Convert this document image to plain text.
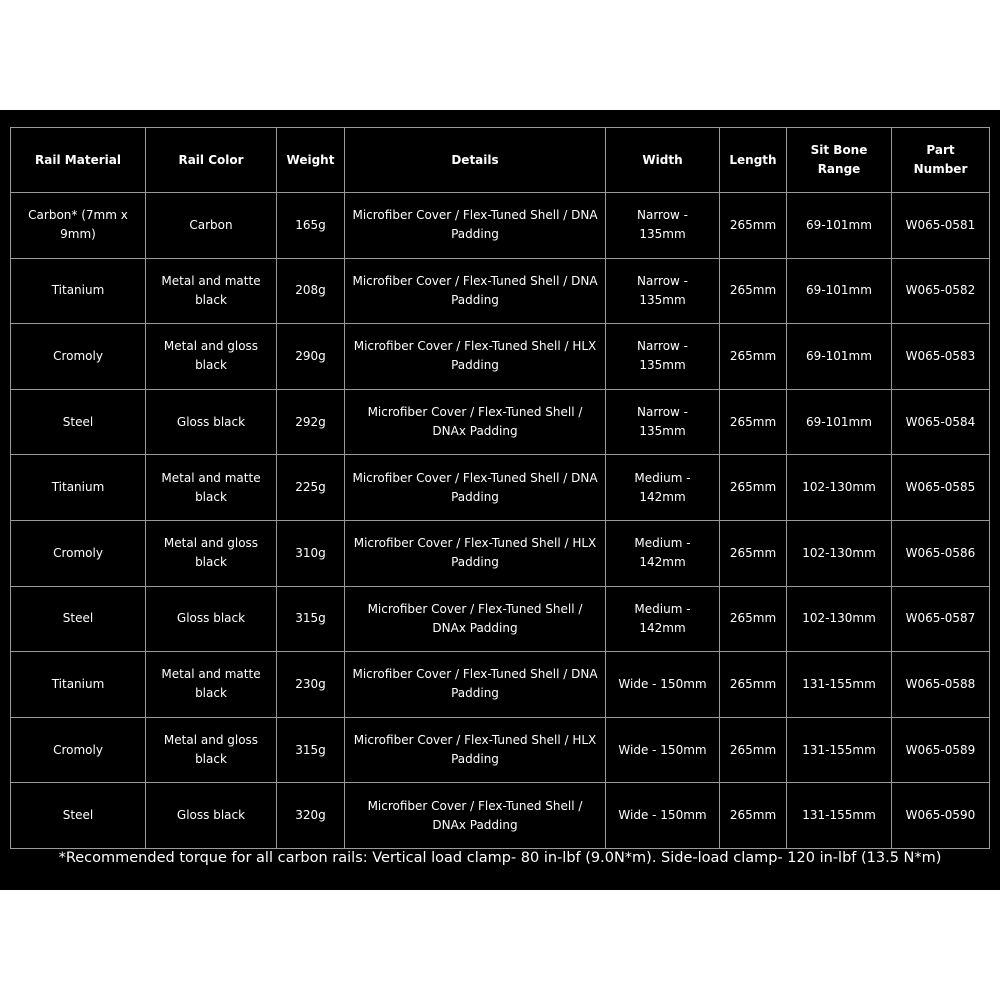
Rail Material	Rail Color	Weight	Details	Width	Length	Sit Bone Range	Part Number
Carbon* (7mm x 9mm)	Carbon	165g	Microfiber Cover / Flex-Tuned Shell / DNA Padding	Narrow - 135mm	265mm	69-101mm	W065-0581
Titanium	Metal and matte black	208g	Microfiber Cover / Flex-Tuned Shell / DNA Padding	Narrow - 135mm	265mm	69-101mm	W065-0582
Cromoly	Metal and gloss black	290g	Microfiber Cover / Flex-Tuned Shell / HLX Padding	Narrow - 135mm	265mm	69-101mm	W065-0583
Steel	Gloss black	292g	Microfiber Cover / Flex-Tuned Shell / DNAx Padding	Narrow - 135mm	265mm	69-101mm	W065-0584
Titanium	Metal and matte black	225g	Microfiber Cover / Flex-Tuned Shell / DNA Padding	Medium - 142mm	265mm	102-130mm	W065-0585
Cromoly	Metal and gloss black	310g	Microfiber Cover / Flex-Tuned Shell / HLX Padding	Medium - 142mm	265mm	102-130mm	W065-0586
Steel	Gloss black	315g	Microfiber Cover / Flex-Tuned Shell / DNAx Padding	Medium - 142mm	265mm	102-130mm	W065-0587
Titanium	Metal and matte black	230g	Microfiber Cover / Flex-Tuned Shell / DNA Padding	Wide - 150mm	265mm	131-155mm	W065-0588
Cromoly	Metal and gloss black	315g	Microfiber Cover / Flex-Tuned Shell / HLX Padding	Wide - 150mm	265mm	131-155mm	W065-0589
Steel	Gloss black	320g	Microfiber Cover / Flex-Tuned Shell / DNAx Padding	Wide - 150mm	265mm	131-155mm	W065-0590
*Recommended torque for all carbon rails: Vertical load clamp- 80 in-lbf (9.0N*m). Side-load clamp- 120 in-lbf (13.5 N*m)
